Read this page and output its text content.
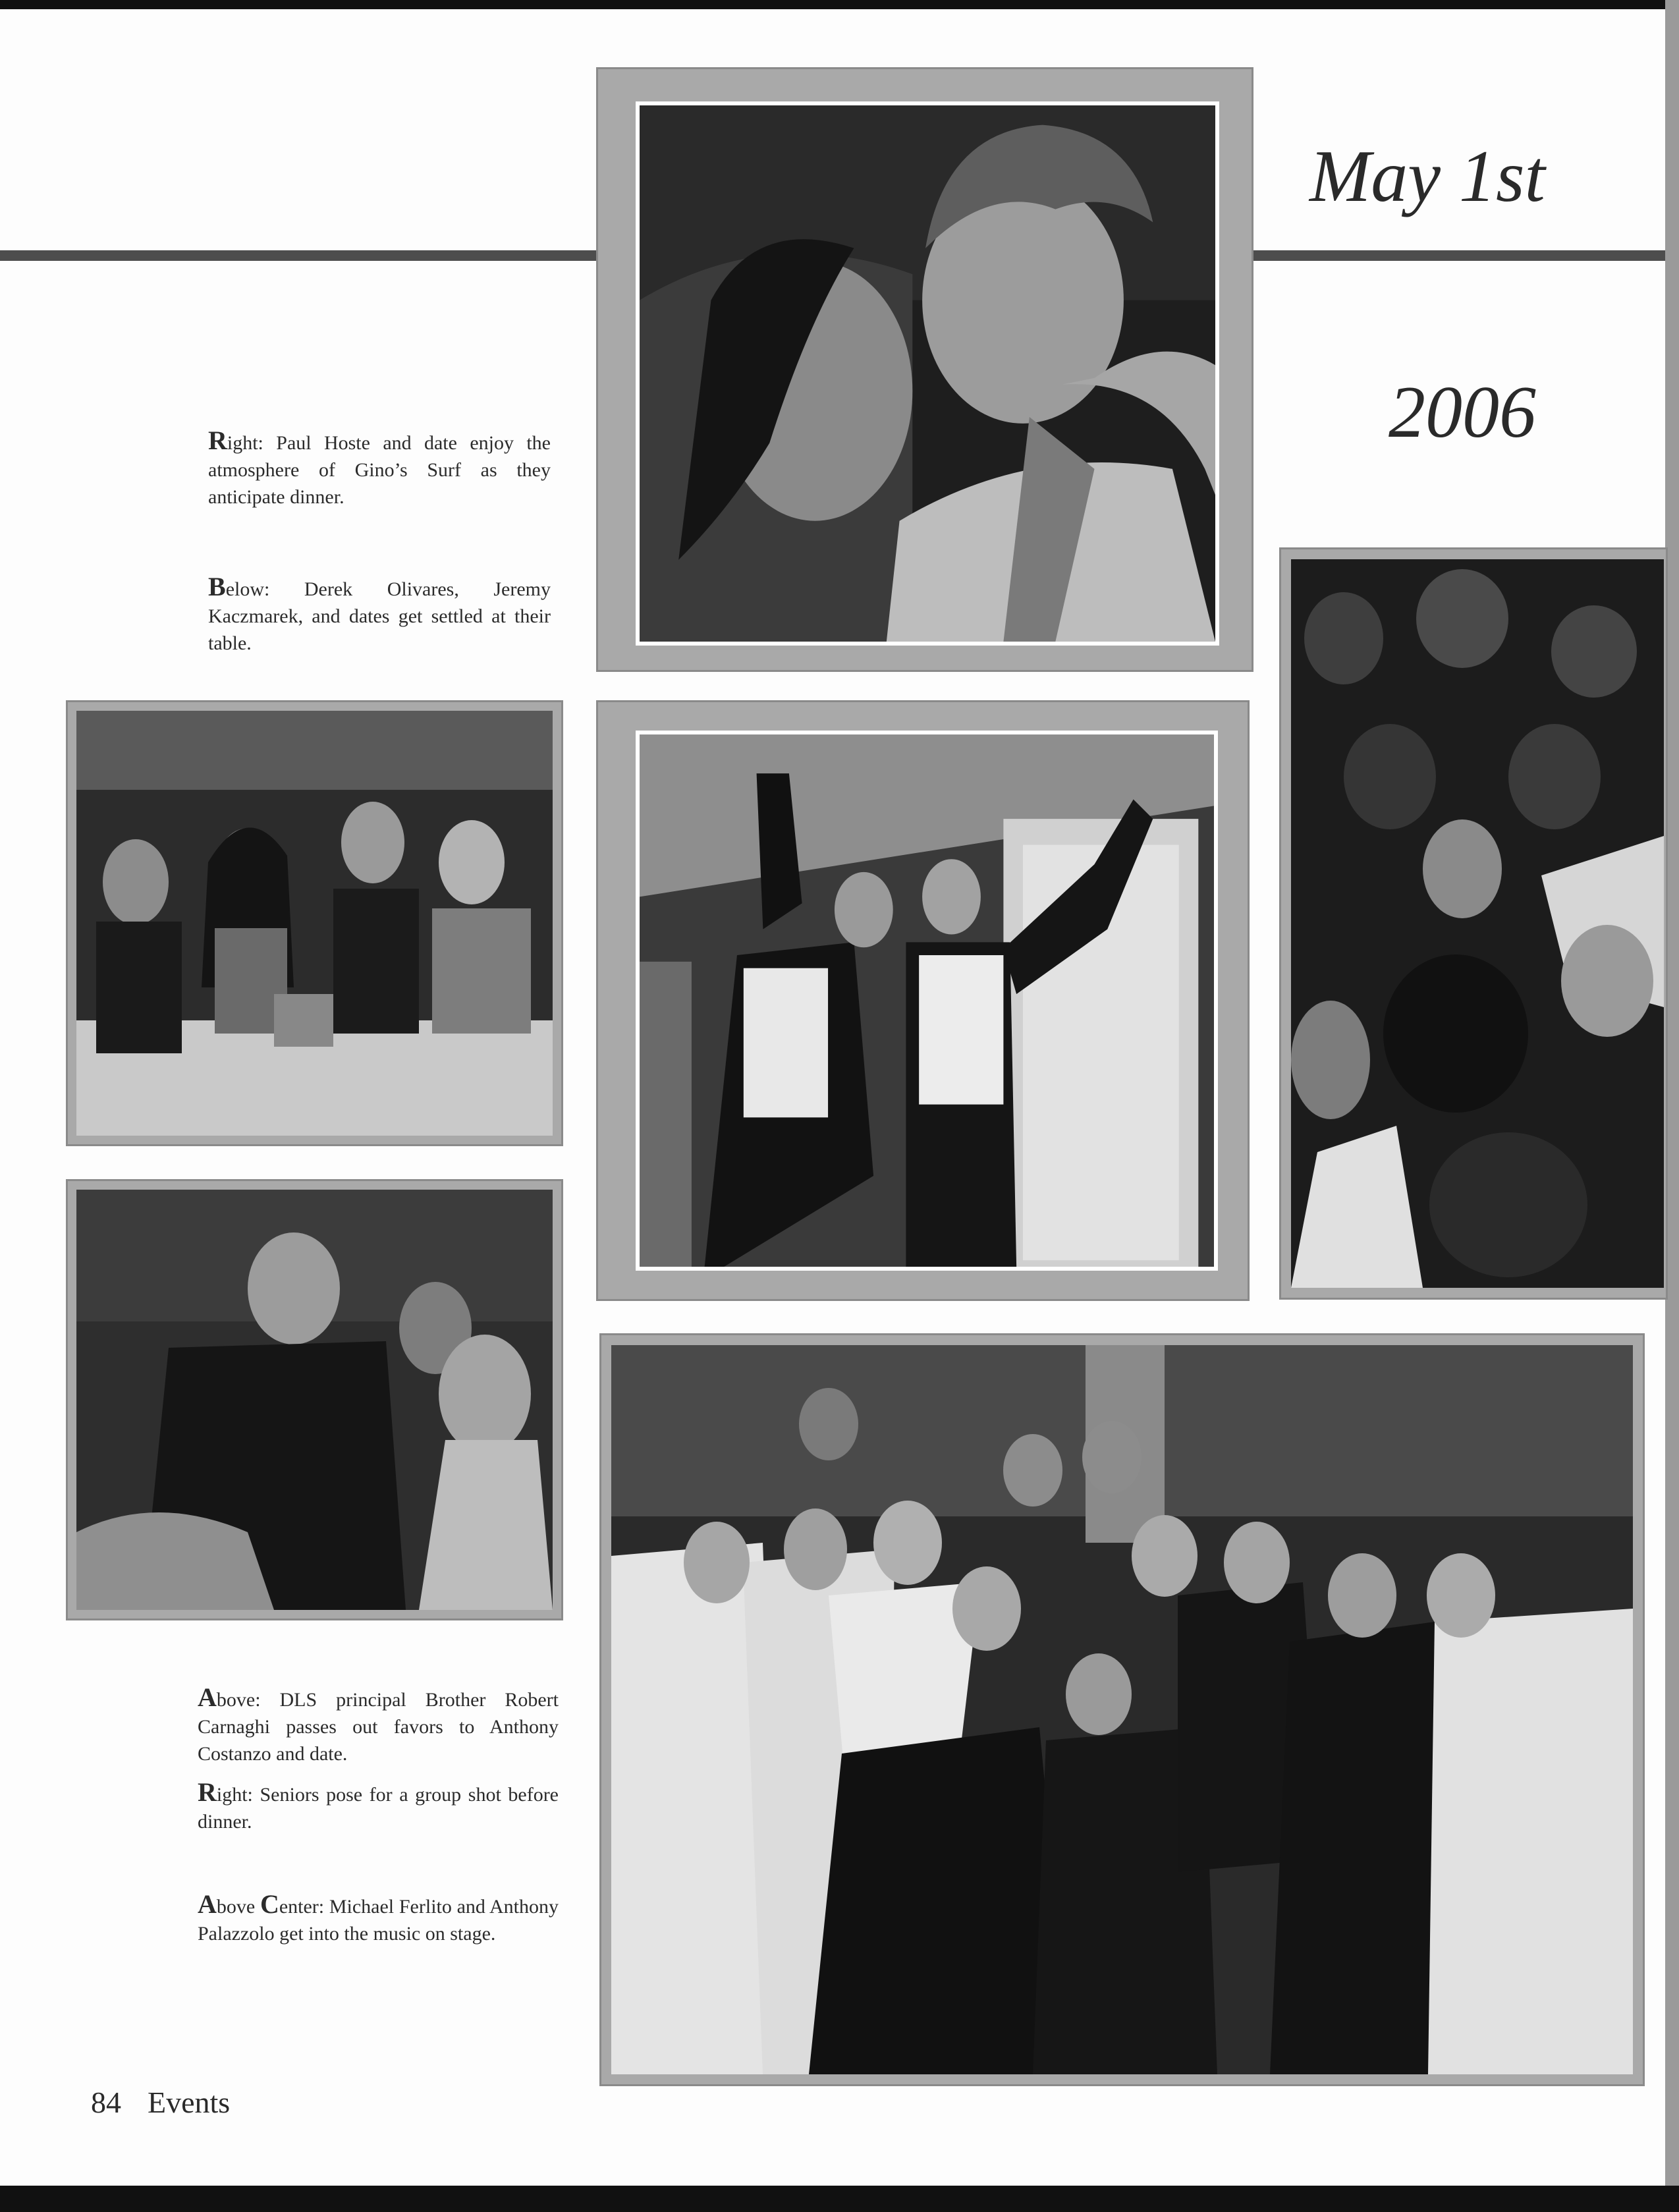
May 1st
2006
Right: Paul Hoste and date enjoy the atmosphere of Gino’s Surf as they anticipate dinner.
Below: Derek Olivares, Jeremy Kaczmarek, and dates get settled at their table.
Above: DLS principal Brother Robert Carnaghi passes out favors to Anthony Costanzo and date.
Right: Seniors pose for a group shot before dinner.
Above Center: Michael Ferlito and Anthony Palazzolo get into the music on stage.
84 Events
